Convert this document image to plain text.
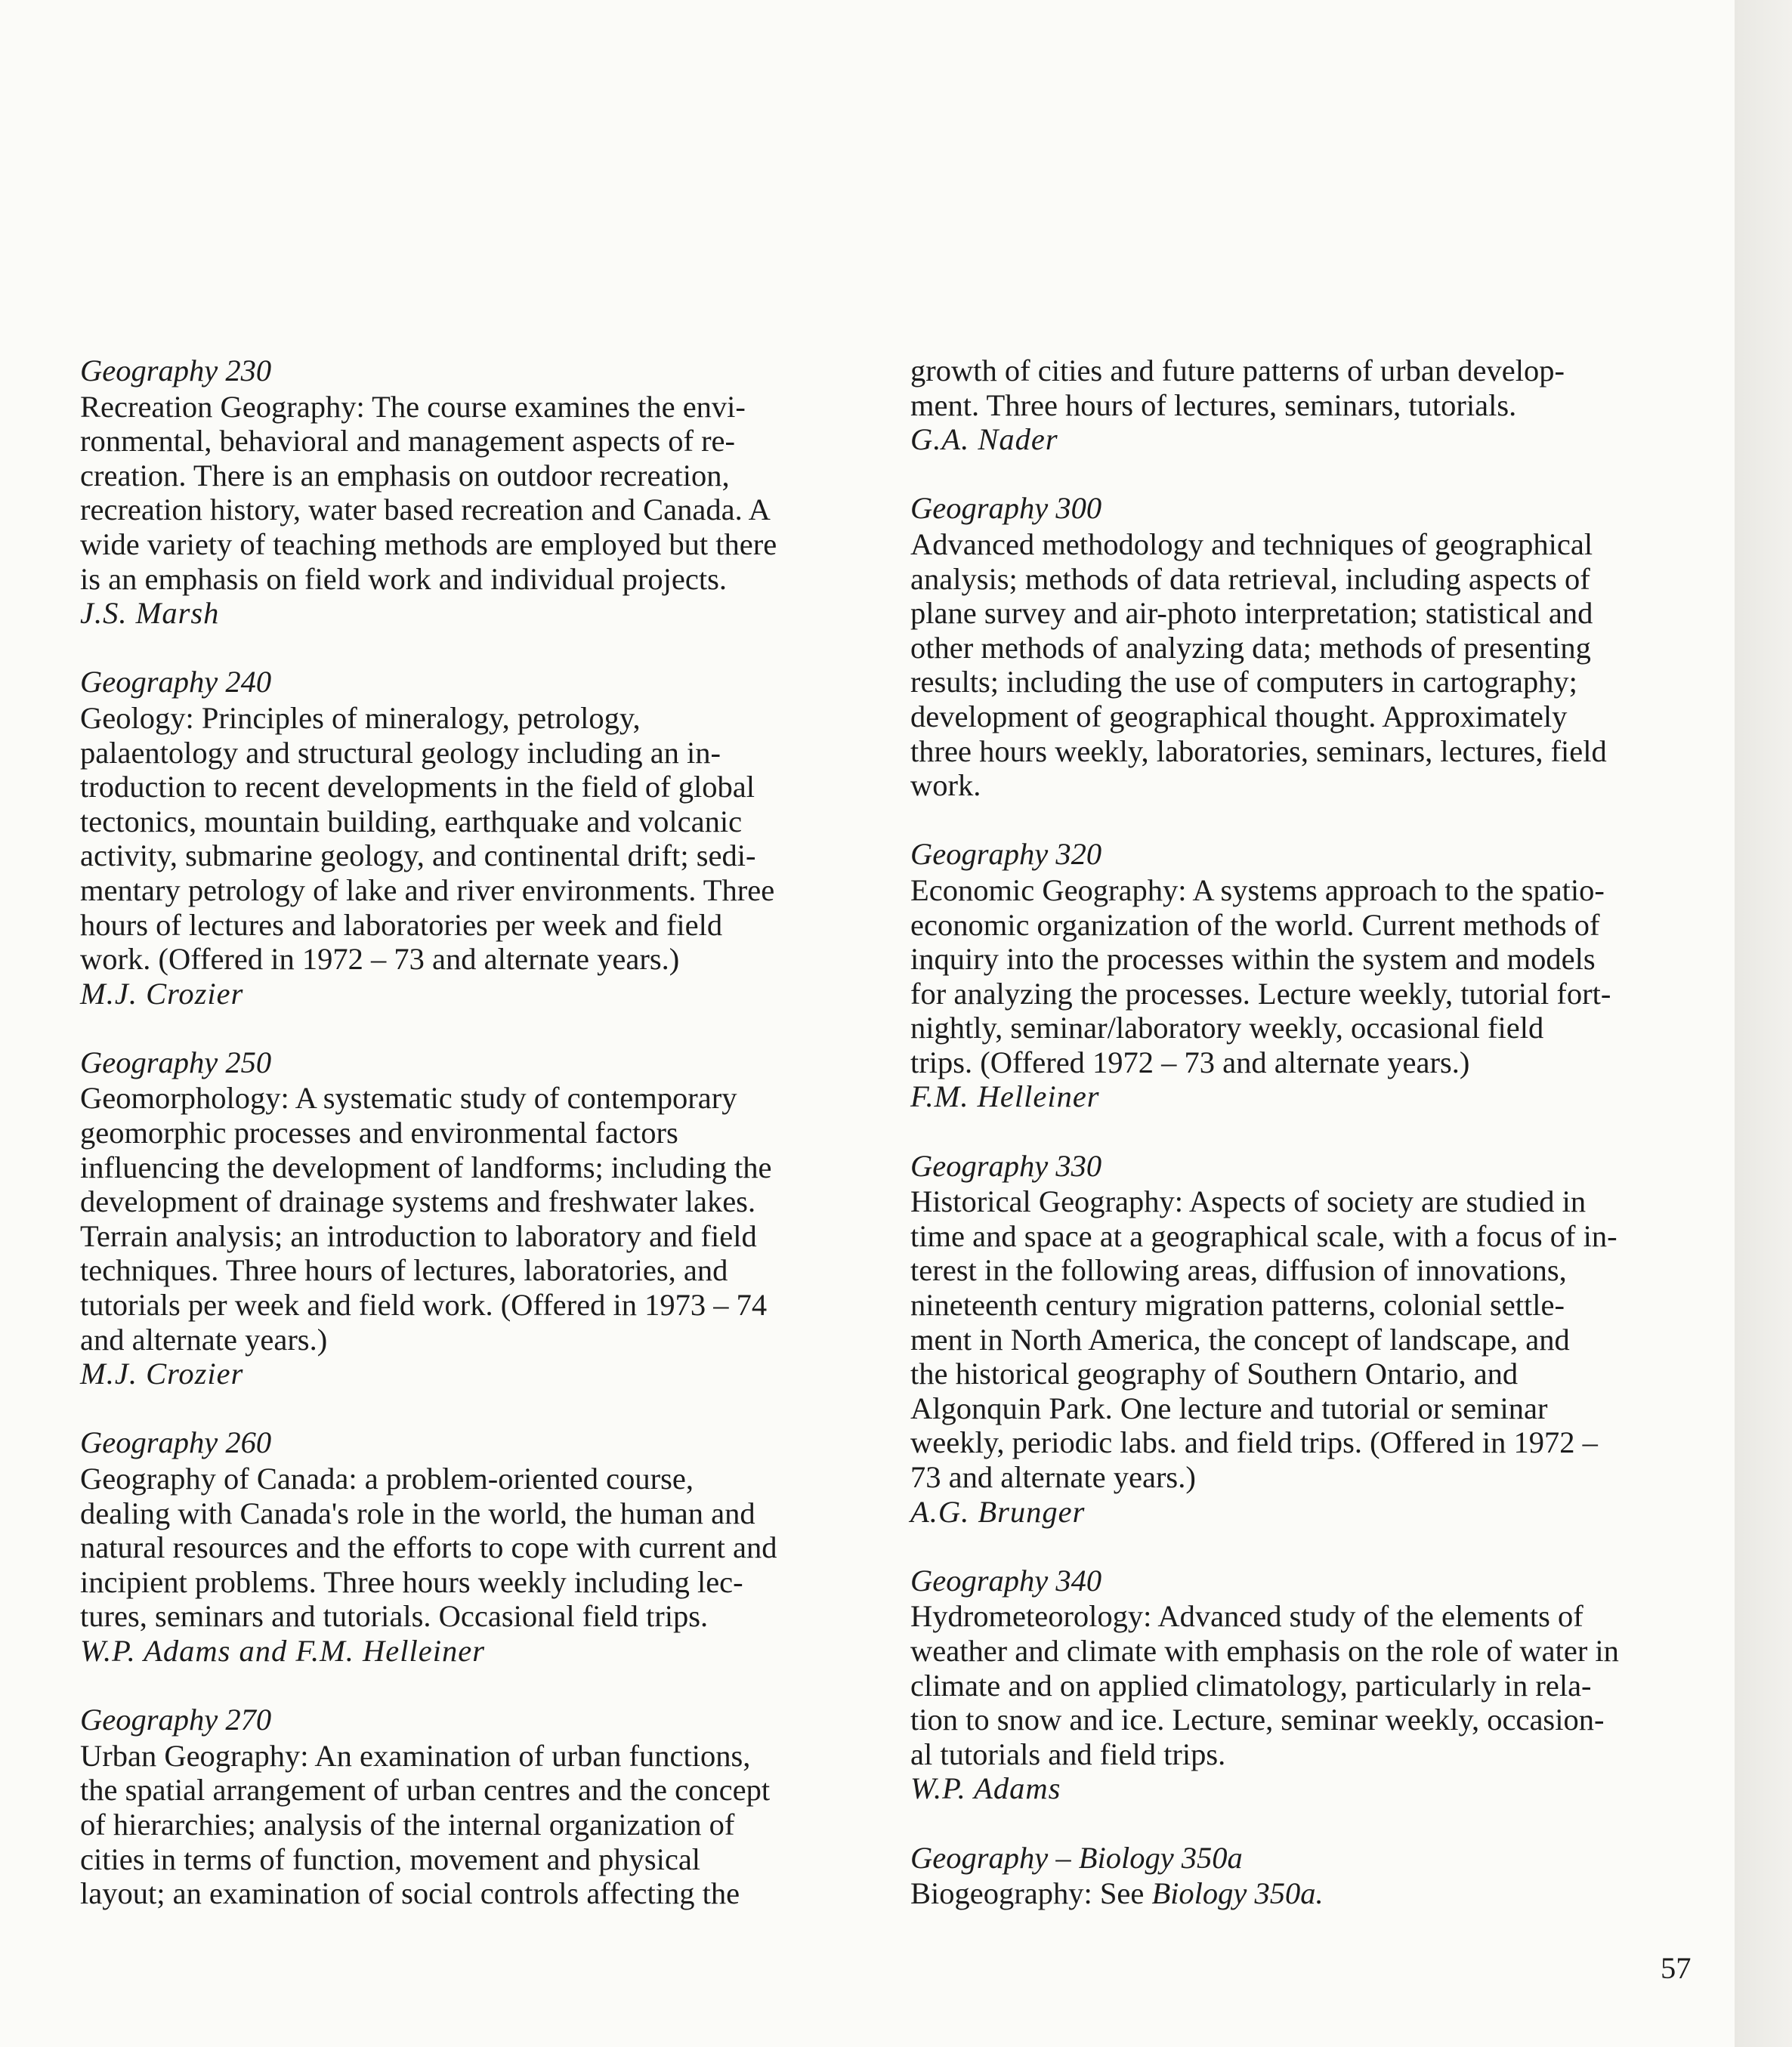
Geography 230
Recreation Geography: The course examines the envi-
ronmental, behavioral and management aspects of re-
creation. There is an emphasis on outdoor recreation,
recreation history, water based recreation and Canada. A
wide variety of teaching methods are employed but there
is an emphasis on field work and individual projects.
J.S. Marsh
Geography 240
Geology: Principles of mineralogy, petrology,
palaentology and structural geology including an in-
troduction to recent developments in the field of global
tectonics, mountain building, earthquake and volcanic
activity, submarine geology, and continental drift; sedi-
mentary petrology of lake and river environments. Three
hours of lectures and laboratories per week and field
work. (Offered in 1972 – 73 and alternate years.)
M.J. Crozier
Geography 250
Geomorphology: A systematic study of contemporary
geomorphic processes and environmental factors
influencing the development of landforms; including the
development of drainage systems and freshwater lakes.
Terrain analysis; an introduction to laboratory and field
techniques. Three hours of lectures, laboratories, and
tutorials per week and field work. (Offered in 1973 – 74
and alternate years.)
M.J. Crozier
Geography 260
Geography of Canada: a problem-oriented course,
dealing with Canada's role in the world, the human and
natural resources and the efforts to cope with current and
incipient problems. Three hours weekly including lec-
tures, seminars and tutorials. Occasional field trips.
W.P. Adams and F.M. Helleiner
Geography 270
Urban Geography: An examination of urban functions,
the spatial arrangement of urban centres and the concept
of hierarchies; analysis of the internal organization of
cities in terms of function, movement and physical
layout; an examination of social controls affecting the
growth of cities and future patterns of urban develop-
ment. Three hours of lectures, seminars, tutorials.
G.A. Nader
Geography 300
Advanced methodology and techniques of geographical
analysis; methods of data retrieval, including aspects of
plane survey and air-photo interpretation; statistical and
other methods of analyzing data; methods of presenting
results; including the use of computers in cartography;
development of geographical thought. Approximately
three hours weekly, laboratories, seminars, lectures, field
work.
Geography 320
Economic Geography: A systems approach to the spatio-
economic organization of the world. Current methods of
inquiry into the processes within the system and models
for analyzing the processes. Lecture weekly, tutorial fort-
nightly, seminar/laboratory weekly, occasional field
trips. (Offered 1972 – 73 and alternate years.)
F.M. Helleiner
Geography 330
Historical Geography: Aspects of society are studied in
time and space at a geographical scale, with a focus of in-
terest in the following areas, diffusion of innovations,
nineteenth century migration patterns, colonial settle-
ment in North America, the concept of landscape, and
the historical geography of Southern Ontario, and
Algonquin Park. One lecture and tutorial or seminar
weekly, periodic labs. and field trips. (Offered in 1972 –
73 and alternate years.)
A.G. Brunger
Geography 340
Hydrometeorology: Advanced study of the elements of
weather and climate with emphasis on the role of water in
climate and on applied climatology, particularly in rela-
tion to snow and ice. Lecture, seminar weekly, occasion-
al tutorials and field trips.
W.P. Adams
Geography – Biology 350a
Biogeography: See Biology 350a.
57
